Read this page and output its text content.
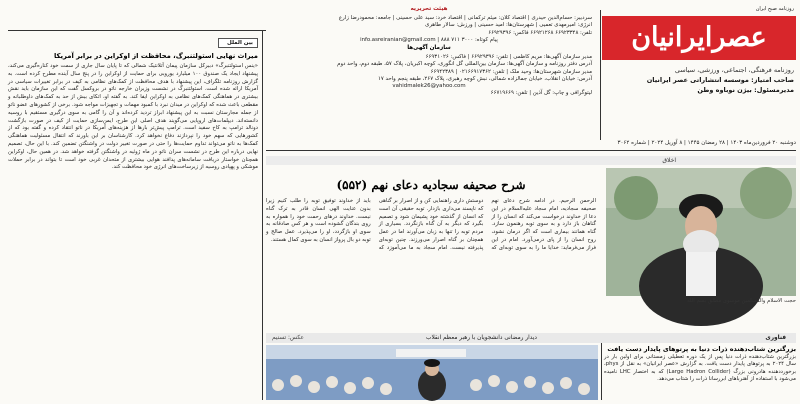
روزنامه صبح ایران
عصرایرانیان
روزنامه فرهنگی، اجتماعی، ورزشی، سیاسی
صاحب امتیاز: موسسه انتشاراتی عصر ایرانیان
مدیرمسئول: بیژن نوباوه وطن
دوشنبه ۲۰ فروردین‌ماه ۱۴۰۳ | ۲۸ رمضان ۱۴۴۵ | ۸ آوریل ۲۰۲۴ | شماره ۳۰۶۲
هیئت تحریریه

سردبیر: حسام‌الدین حیدری | اقتصاد کلان: میثم ترکمانی | اقتصاد خرد: سید علی حسینی | جامعه: محمودرضا زارع

انرژی: امیرمهدی تعمیی | شهرستان‌ها: امید حسینی | ورزش: سالار طاهری

تلفن: ۶۶۹۲۳۳۴۸ ۶۶۹۲۱۲۶۸ فاکس: ۶۶۹۲۹۳۹۶

info.asreiranian@gmail.com | پیام کوتاه: ۳۰۰۰ ۷۱۱ ۸۸۸

سازمان آگهی‌ها

مدیر سازمان آگهی‌ها: مریم کاظمی | تلفن: ۶۶۹۲۹۳۹۶ | فاکس: ۶۶۹۳۱۰۲۶

آدرس دفتر روزنامه و سازمان آگهی‌ها: سازمان بین‌المللی گل انگوری، کوچه اکبریان، پلاک ۵۷، طبقه دوم، واحد دوم

مدیر سازمان شهرستان‌ها: وحید ملک | تلفن: ۰۲۱۶۶۹۱۷۳۶۲ | ۶۶۹۴۲۳۸۹

آدرس: خیابان انقلاب، خیابان جمالزاده شمالی، نبش کوچه رهبری، پلاک ۲۶۷، طبقه پنجم واحد ۱۷

vahidmalek26@yahoo.com

لیتوگرافی و چاپ: گل آذین | تلفن: ۶۶۷۱۹۶۶۹

بین الملل
میراث نهایی استولتنبرگ، محافظت از اوکراین در برابر آمریکا
«ینس استولتنبرگ» دبیرکل سازمان پیمان آتلانتیک شمالی که تا پایان سال جاری از سمت خود کناره‌گیری می‌کند، پیشنهاد ایجاد یک صندوق ۱۰۰ میلیارد یورویی برای حمایت از اوکراین را در پنج سال آینده مطرح کرده است. به گزارش روزنامه تلگراف، این پیشنهاد با هدف محافظت از کمک‌های نظامی به کیف در برابر تغییرات سیاسی در آمریکا ارائه شده است. استولتنبرگ در نشست وزیران خارجه ناتو در بروکسل گفت که این سازمان باید نقش بیشتری در هماهنگی کمک‌های نظامی به اوکراین ایفا کند. به گفته او، اتکای بیش از حد به کمک‌های داوطلبانه و مقطعی باعث شده که اوکراین در میدان نبرد با کمبود مهمات و تجهیزات مواجه شود. برخی از کشورهای عضو ناتو از جمله مجارستان نسبت به این پیشنهاد ابراز تردید کرده‌اند و آن را گامی به سوی درگیری مستقیم با روسیه دانسته‌اند. دیپلمات‌های اروپایی می‌گویند هدف اصلی این طرح، ایمن‌سازی حمایت از کیف در صورت بازگشت دونالد ترامپ به کاخ سفید است. ترامپ پیش‌تر بارها از هزینه‌های آمریکا در ناتو انتقاد کرده و گفته بود که از کشورهایی که سهم خود را نپردازند دفاع نخواهد کرد. کارشناسان بر این باورند که انتقال مسئولیت هماهنگی کمک‌ها به ناتو می‌تواند تداوم حمایت‌ها را حتی در صورت تغییر دولت در واشنگتن تضمین کند. با این حال، تصمیم نهایی درباره این طرح در نشست سران ناتو در ماه ژوئیه در واشنگتن گرفته خواهد شد. در همین حال، اوکراین همچنان خواستار دریافت سامانه‌های پدافند هوایی بیشتری از متحدان غربی خود است تا بتواند در برابر حملات موشکی و پهپادی روسیه از زیرساخت‌های انرژی خود محافظت کند.
اخلاق
شرح صحیفه سجادیه دعای نهم (۵۵۲)
الرحمن الرحیم. در ادامه شرح دعای نهم صحیفه سجادیه، امام سجاد علیه‌السلام در این دعا از خداوند درخواست می‌کند که انسان را از گناهان باز دارد و به سوی توبه رهنمون سازد. گناه همانند بیماری است که اگر درمان نشود، روح انسان را از پای درمی‌آورد. امام در این فراز می‌فرماید: خدایا ما را به سوی توبه‌ای که دوستش داری راهنمایی کن و از اصرار بر گناهی که ناپسند می‌داری بازدار. توبه حقیقی آن است که انسان از گذشته خود پشیمان شود و تصمیم بگیرد که دیگر به آن گناه بازنگردد. بسیاری از مردم توبه را تنها به زبان می‌آورند اما در عمل همچنان بر گناه اصرار می‌ورزند. چنین توبه‌ای پذیرفته نیست. امام سجاد به ما می‌آموزد که باید از خداوند توفیق توبه را طلب کنیم زیرا بدون عنایت الهی انسان قادر به ترک گناه نیست. خداوند درهای رحمت خود را همواره به روی بندگان گشوده است و هر کس صادقانه به سوی او بازگردد، او را می‌پذیرد. عمل صالح و توبه دو بال پرواز انسان به سوی کمال هستند.
حجت الاسلام والمسلمین موسوی مطلق بسم الله
عکس: تسنیم	دیدار رمضانی دانشجویان با رهبر معظم انقلاب	فناوری
بزرگترین شتاب‌دهنده ذرات دنیا به پرتوهای پایدار دست یافت
بزرگترین شتاب‌دهنده ذرات دنیا پس از یک دوره تعطیلی زمستانی برای اولین بار در سال ۲۰۲۴ به پرتوهای پایدار دست یافت. به گزارش «عصر ایرانیان» به نقل از phys، برخورددهنده هادرونی بزرگ (Large Hadron Collider) که به اختصار LHC نامیده می‌شود با استفاده از آهنرباهای ابررسانا ذرات را شتاب می‌دهد.
